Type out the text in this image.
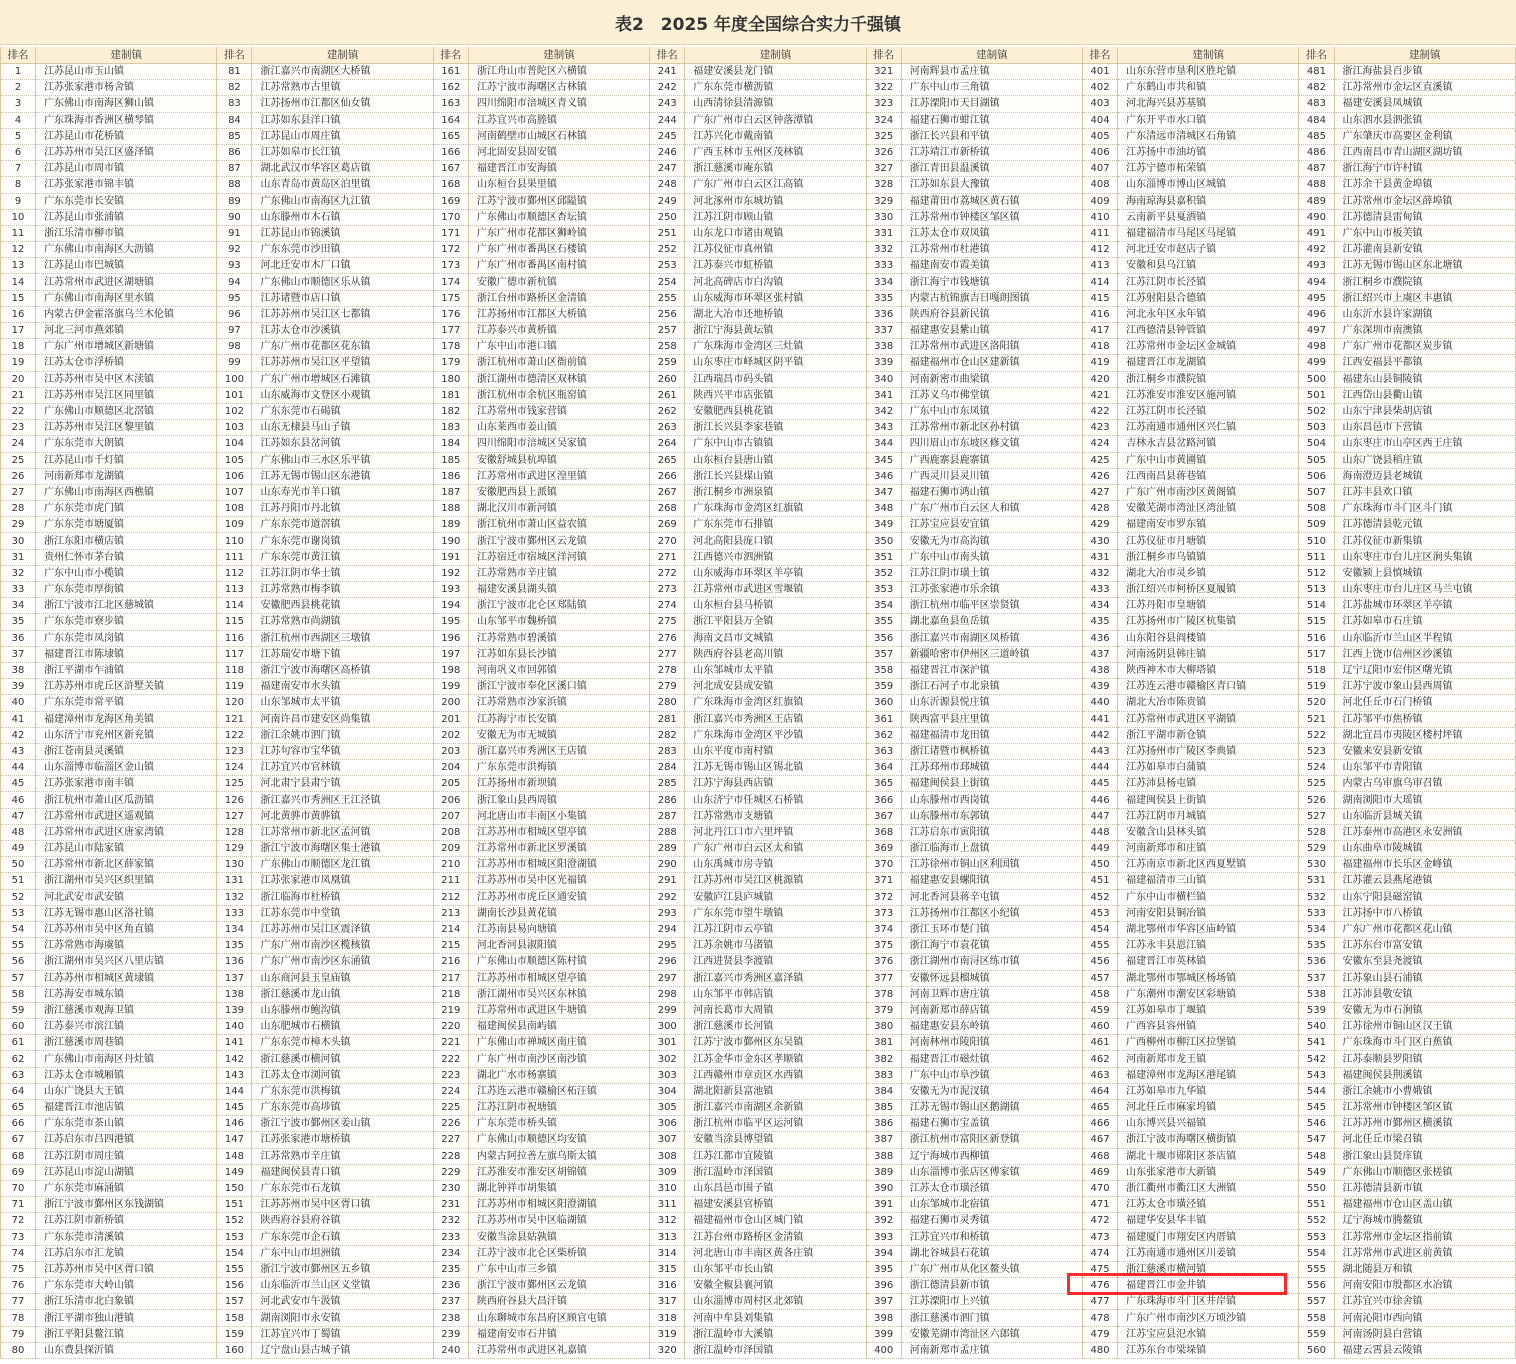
表2　2025 年度全国综合实力千强镇
排名	建制镇	排名	建制镇	排名	建制镇	排名	建制镇	排名	建制镇	排名	建制镇	排名	建制镇
1	江苏昆山市玉山镇	81	浙江嘉兴市南湖区大桥镇	161	浙江舟山市普陀区六横镇	241	福建安溪县龙门镇	321	河南辉县市孟庄镇	401	山东东营市垦利区胜坨镇	481	浙江海盐县百步镇
2	江苏张家港市杨舍镇	82	江苏常熟市古里镇	162	江苏宁波市海曙区古林镇	242	广东东莞市横沥镇	322	广东中山市三角镇	402	广东鹤山市共和镇	482	江苏常州市金坛区直溪镇
3	广东佛山市南海区狮山镇	83	江苏扬州市江都区仙女镇	163	四川绵阳市涪城区青义镇	243	山西清徐县清源镇	323	江苏溧阳市天目湖镇	403	河北海兴县苏基镇	483	福建安溪县凤城镇
4	广东珠海市香洲区横琴镇	84	江苏如东县洋口镇	164	江苏宜兴市高塍镇	244	广东广州市白云区钟落潭镇	324	福建石狮市蚶江镇	404	广东开平市水口镇	484	山东泗水县泗张镇
5	江苏昆山市花桥镇	85	江苏昆山市周庄镇	165	河南鹤壁市山城区石林镇	245	江苏兴化市戴南镇	325	浙江长兴县和平镇	405	广东清远市清城区石角镇	485	广东肇庆市高要区金利镇
6	江苏苏州市吴江区盛泽镇	86	江苏如皋市长江镇	166	河北固安县固安镇	246	广西玉林市玉州区茂林镇	326	江苏靖江市新桥镇	406	江苏扬中市油坊镇	486	江西南昌市青山湖区湖坊镇
7	江苏昆山市周市镇	87	湖北武汉市华容区葛店镇	167	福建晋江市安海镇	247	浙江慈溪市庵东镇	327	浙江青田县温溪镇	407	江苏宁德市柘荣镇	487	浙江海宁市许村镇
8	江苏张家港市锦丰镇	88	山东青岛市黄岛区泊里镇	168	山东桓台县果里镇	248	广东广州市白云区江高镇	328	江苏如东县大豫镇	408	山东淄博市博山区城镇	488	江苏余干县黄金埠镇
9	广东东莞市长安镇	89	广东佛山市南海区九江镇	169	江苏宁波市鄞州区邱隘镇	249	河北涿州市东城坊镇	329	福建莆田市荔城区黄石镇	409	海南琼海县嘉积镇	489	江苏常州市金坛区薛埠镇
10	江苏昆山市张浦镇	90	山东滕州市木石镇	170	广东佛山市顺德区杏坛镇	250	江苏江阴市顾山镇	330	江苏常州市钟楼区邹区镇	410	云南新平县戛洒镇	490	江苏德清县雷甸镇
11	浙江乐清市柳市镇	91	江苏昆山市锦溪镇	171	广东广州市花都区狮岭镇	251	山东龙口市诸由观镇	331	江苏太仓市双凤镇	411	福建福清市马尾区马尾镇	491	广东中山市板芙镇
12	广东佛山市南海区大沥镇	92	广东东莞市沙田镇	172	广东广州市番禺区石楼镇	252	江苏仪征市真州镇	332	江苏常州市杜港镇	412	河北迁安市赵店子镇	492	江苏灌南县新安镇
13	江苏昆山市巴城镇	93	河北迁安市木厂口镇	173	广东广州市番禺区南村镇	253	江苏泰兴市虹桥镇	333	福建南安市霞美镇	413	安徽和县乌江镇	493	江苏无锡市锡山区东北塘镇
14	江苏常州市武进区湖塘镇	94	广东佛山市顺德区乐从镇	174	安徽广德市新杭镇	254	河北高碑店市白沟镇	334	浙江海宁市钱塘镇	414	江苏江阴市长泾镇	494	浙江桐乡市濮院镇
15	广东佛山市南海区里水镇	95	江苏诸暨市店口镇	175	浙江台州市路桥区金清镇	255	山东威海市环翠区张村镇	335	内蒙古杭锦旗吉日嘎朗图镇	415	江苏射阳县合德镇	495	浙江绍兴市上虞区丰惠镇
16	内蒙古伊金霍洛旗乌兰木伦镇	96	江苏苏州市吴江区七都镇	176	江苏扬州市江都区大桥镇	256	湖北大冶市还地桥镇	336	陕西府谷县新民镇	416	河北永年区永年镇	496	山东沂水县许家湖镇
17	河北三河市燕郊镇	97	江苏太仓市沙溪镇	177	江苏泰兴市黄桥镇	257	浙江宁海县黄坛镇	337	福建惠安县紫山镇	417	江西德清县钟管镇	497	广东深圳市南澳镇
18	广东广州市增城区新塘镇	98	广东广州市花都区花东镇	178	广东中山市港口镇	258	广东珠海市金湾区三灶镇	338	江苏常州市武进区洛阳镇	418	江苏常州市金坛区金城镇	498	广东广州市花都区炭步镇
19	江苏太仓市浮桥镇	99	江苏苏州市吴江区平望镇	179	浙江杭州市萧山区衙前镇	259	山东枣庄市峄城区阴平镇	339	福建福州市仓山区建新镇	419	福建晋江市龙湖镇	499	江西安福县平都镇
20	江苏苏州市吴中区木渎镇	100	广东广州市增城区石滩镇	180	浙江湖州市德清区双林镇	260	江西瑞昌市码头镇	340	河南新密市曲梁镇	420	浙江桐乡市濮院镇	500	福建东山县铜陵镇
21	江苏苏州市吴江区同里镇	101	山东威海市文登区小观镇	181	浙江杭州市余杭区瓶窑镇	261	陕西兴平市店张镇	341	江苏义乌市佛堂镇	421	江苏淮安市淮安区施河镇	501	江西岱山县衢山镇
22	广东佛山市顺德区北滘镇	102	广东东莞市石碣镇	182	江苏常州市钱家营镇	262	安徽肥西县桃花镇	342	广东中山市东凤镇	422	江苏江阴市长泾镇	502	山东宁津县柴胡店镇
23	江苏苏州市吴江区黎里镇	103	山东无棣县马山子镇	183	山东莱西市姜山镇	263	浙江长兴县李家巷镇	343	江苏常州市新北区孙村镇	423	江苏南通市通州区兴仁镇	503	山东昌邑市下营镇
24	广东东莞市大朗镇	104	江苏如东县岔河镇	184	四川绵阳市涪城区吴家镇	264	广东中山市古镇镇	344	四川眉山市东坡区修文镇	424	吉林永吉县岔路河镇	504	山东枣庄市山亭区西王庄镇
25	江苏昆山市千灯镇	105	广东佛山市三水区乐平镇	185	安徽舒城县杭埠镇	265	山东桓台县唐山镇	345	广西鹿寨县鹿寨镇	425	广东中山市黄圃镇	505	山东广饶县稻庄镇
26	河南新郑市龙湖镇	106	江苏无锡市锡山区东港镇	186	江苏常州市武进区湟里镇	266	浙江长兴县煤山镇	346	广西灵川县灵川镇	426	江西南昌县蒋巷镇	506	海南澄迈县老城镇
27	广东佛山市南海区西樵镇	107	山东寿光市羊口镇	187	安徽肥西县上派镇	267	浙江桐乡市洲泉镇	347	福建石狮市鸿山镇	427	广东广州市南沙区黄阁镇	507	江苏丰县欢口镇
28	广东东莞市虎门镇	108	江苏丹阳市丹北镇	188	湖北汉川市新河镇	268	广东珠海市金湾区红旗镇	348	广东广州市白云区人和镇	428	安徽芜湖市湾沚区湾沚镇	508	广东珠海市斗门区斗门镇
29	广东东莞市塘厦镇	109	广东东莞市道滘镇	189	浙江杭州市萧山区益农镇	269	广东东莞市石排镇	349	江苏宝应县安宜镇	429	福建南安市罗东镇	509	江苏德清县乾元镇
30	浙江东阳市横店镇	110	广东东莞市谢岗镇	190	浙江宁波市鄞州区云龙镇	270	河北高阳县庞口镇	350	安徽无为市高沟镇	430	江苏仪征市月塘镇	510	江苏仪征市新集镇
31	贵州仁怀市茅台镇	111	广东东莞市黄江镇	191	江苏宿迁市宿城区洋河镇	271	江西德兴市泗洲镇	351	广东中山市南头镇	431	浙江桐乡市乌镇镇	511	山东枣庄市台儿庄区涧头集镇
32	广东中山市小榄镇	112	江苏江阴市华士镇	192	江苏常熟市辛庄镇	272	山东威海市环翠区羊亭镇	352	江苏江阴市璜土镇	432	湖北大冶市灵乡镇	512	安徽颍上县慎城镇
33	广东东莞市厚街镇	113	江苏常熟市梅李镇	193	福建安溪县湖头镇	273	江苏常州市武进区雪堰镇	353	江苏张家港市乐余镇	433	浙江绍兴市柯桥区夏履镇	513	山东枣庄市台儿庄区马兰屯镇
34	浙江宁波市江北区慈城镇	114	安徽肥西县桃花镇	194	浙江宁波市北仑区郑陆镇	274	山东桓台县马桥镇	354	浙江杭州市临平区崇贤镇	434	江苏丹阳市皇塘镇	514	江苏盐城市环翠区羊亭镇
35	广东东莞市寮步镇	115	江苏常熟市尚湖镇	195	山东邹平市魏桥镇	275	浙江平阳县万全镇	355	湖北嘉鱼县鱼岳镇	435	江苏扬州市广陵区杭集镇	515	江苏如皋市石庄镇
36	广东东莞市凤岗镇	116	浙江杭州市西湖区三墩镇	196	江苏常熟市碧溪镇	276	海南文昌市文城镇	356	浙江嘉兴市南湖区凤桥镇	436	山东阳谷县阎楼镇	516	山东临沂市兰山区半程镇
37	福建晋江市陈埭镇	117	江苏瑞安市塘下镇	197	江苏如东县长沙镇	277	陕西府谷县老高川镇	357	新疆哈密市伊州区三道岭镇	437	河南汤阴县韩庄镇	517	江西上饶市信州区沙溪镇
38	浙江平湖市乍浦镇	118	浙江宁波市海曙区高桥镇	198	河南巩义市回郭镇	278	山东邹城市太平镇	358	福建晋江市深沪镇	438	陕西神木市大柳塔镇	518	辽宁辽阳市宏伟区曙光镇
39	江苏苏州市虎丘区浒墅关镇	119	福建南安市水头镇	199	浙江宁波市奉化区溪口镇	279	河北成安县成安镇	359	浙江石河子市北泉镇	439	江苏连云港市赣榆区青口镇	519	江苏宁波市象山县西周镇
40	广东东莞市常平镇	120	山东邹城市太平镇	200	江苏常熟市沙家浜镇	280	广东珠海市金湾区红旗镇	360	山东沂源县悦庄镇	440	湖北大冶市陈贵镇	520	河北任丘市石门桥镇
41	福建漳州市龙海区角美镇	121	河南许昌市建安区尚集镇	201	江苏海宁市长安镇	281	浙江嘉兴市秀洲区王店镇	361	陕西富平县庄里镇	441	江苏常州市武进区平湖镇	521	江苏邹平市焦桥镇
42	山东济宁市兖州区新兖镇	122	浙江余姚市泗门镇	202	安徽无为市无城镇	282	广东珠海市金湾区平沙镇	362	福建福清市龙田镇	442	浙江平湖市新仓镇	522	湖北宜昌市夷陵区楼村坪镇
43	浙江苍南县灵溪镇	123	江苏句容市宝华镇	203	浙江嘉兴市秀洲区王店镇	283	山东平度市南村镇	363	浙江诸暨市枫桥镇	443	江苏扬州市广陵区李典镇	523	安徽来安县新安镇
44	山东淄博市临淄区金山镇	124	江苏宜兴市官林镇	204	广东东莞市洪梅镇	284	江苏无锡市锡山区锡北镇	364	江苏邳州市邳城镇	444	江苏如皋市白蒲镇	524	山东邹平市青阳镇
45	江苏张家港市南丰镇	125	河北肃宁县肃宁镇	205	江苏扬州市新坝镇	285	江苏宁海县西店镇	365	福建闽侯县上街镇	445	江苏沛县杨屯镇	525	内蒙古乌审旗乌审召镇
46	浙江杭州市萧山区瓜沥镇	126	浙江嘉兴市秀洲区王江泾镇	206	浙江象山县西周镇	286	山东济宁市任城区石桥镇	366	山东滕州市西岗镇	446	福建闽侯县上街镇	526	湖南浏阳市大瑶镇
47	江苏常州市武进区遥观镇	127	河北黄骅市黄骅镇	207	河北唐山市丰南区小集镇	287	江苏常熟市支塘镇	367	山东滕州市东郭镇	447	江苏江阴市月城镇	527	山东临沂县城关镇
48	江苏常州市武进区唐家湾镇	128	江苏常州市新北区孟河镇	208	江苏苏州市相城区望亭镇	288	河北丹江口市六里坪镇	368	江苏启东市寅阳镇	448	安徽含山县林头镇	528	江苏泰州市高港区永安洲镇
49	江苏昆山市陆家镇	129	浙江宁波市海曙区集士港镇	209	江苏常州市新北区罗溪镇	289	广东广州市白云区太和镇	369	浙江临海市上盘镇	449	河南新郑市和庄镇	529	山东曲阜市陵城镇
50	江苏常州市新北区薛家镇	130	广东佛山市顺德区龙江镇	210	江苏苏州市相城区阳澄湖镇	290	山东禹城市房寺镇	370	江苏徐州市铜山区利国镇	450	江苏南京市新北区西夏墅镇	530	福建福州市长乐区金峰镇
51	浙江湖州市吴兴区织里镇	131	江苏张家港市凤凰镇	211	江苏苏州市吴中区光福镇	291	江苏苏州市吴江区桃源镇	371	福建惠安县螺阳镇	451	福建福清市三山镇	531	江苏灌云县燕尾港镇
52	河北武安市武安镇	132	浙江临海市杜桥镇	212	江苏苏州市虎丘区通安镇	292	安徽庐江县庐城镇	372	河北香河县蒋辛屯镇	452	广东中山市横栏镇	532	山东宁阳县磁窑镇
53	江苏无锡市惠山区洛社镇	133	江苏东莞市中堂镇	213	湖南长沙县黄花镇	293	广东东莞市望牛墩镇	373	江苏扬州市江都区小纪镇	453	河南安阳县铜冶镇	533	江苏扬中市八桥镇
54	江苏苏州市吴中区角直镇	134	江苏苏州市吴江区震泽镇	214	江苏南县易向塘镇	294	江苏江阴市云亭镇	374	浙江玉环市楚门镇	454	湖北鄂州市华容区庙岭镇	534	广东广州市花都区花山镇
55	江苏常熟市海虞镇	135	广东广州市南沙区榄核镇	215	河北香河县淑阳镇	295	江苏余姚市马渚镇	375	浙江海宁市袁花镇	455	江苏永丰县恩江镇	535	江苏东台市富安镇
56	浙江湖州市吴兴区八里店镇	136	广东广州市南沙区东涌镇	216	广东佛山市顺德区陈村镇	296	江西进贤县李渡镇	376	浙江湖州市南浔区练市镇	456	福建晋江市英林镇	536	安徽东至县尧渡镇
57	江苏苏州市相城区黄埭镇	137	山东商河县玉皇庙镇	217	江苏苏州市相城区望亭镇	297	浙江嘉兴市秀洲区嘉泽镇	377	安徽怀远县榴城镇	457	湖北鄂州市鄂城区杨场镇	537	江苏象山县石浦镇
58	江苏海安市城东镇	138	浙江慈溪市龙山镇	218	浙江湖州市吴兴区东林镇	298	山东邹平市韩店镇	378	河南卫辉市唐庄镇	458	广东潮州市潮安区彩塘镇	538	江苏沛县敬安镇
59	浙江慈溪市观海卫镇	139	山东滕州市鲍沟镇	219	江苏常州市武进区牛塘镇	299	河南长葛市大周镇	379	河南新郑市薛店镇	459	江苏如皋市丁堰镇	539	安徽无为市石涧镇
60	江苏泰兴市滨江镇	140	山东肥城市石横镇	220	福建闽侯县南屿镇	300	浙江慈溪市长河镇	380	福建惠安县东岭镇	460	广西容县容州镇	540	江苏徐州市铜山区汉王镇
61	浙江慈溪市周巷镇	141	广东东莞市樟木头镇	221	广东佛山市禅城区南庄镇	301	江苏宁波市鄞州区东吴镇	381	河南林州市陵阳镇	461	广西柳州市柳江区拉堡镇	541	广东珠海市斗门区白蕉镇
62	广东佛山市南海区丹灶镇	142	浙江慈溪市横河镇	222	广东广州市南沙区南沙镇	302	江苏金华市金东区孝顺镇	382	福建晋江市磁灶镇	462	河南新郑市龙王镇	542	江苏泰顺县罗阳镇
63	江苏太仓市城厢镇	143	江苏太仓市浏河镇	223	湖北广水市杨寨镇	303	江西赣州市章贡区水西镇	383	广东中山市阜沙镇	463	福建漳州市龙海区港尾镇	543	福建闽侯县荆溪镇
64	山东广饶县大王镇	144	广东东莞市洪梅镇	224	江苏连云港市赣榆区柘汪镇	304	湖北阳新县富池镇	384	安徽无为市泥汊镇	464	江苏如皋市九华镇	544	浙江余姚市小曹娥镇
65	福建晋江市池店镇	145	广东东莞市高埗镇	225	江苏江阴市祝塘镇	305	浙江嘉兴市南湖区余新镇	385	江苏无锡市锡山区鹅湖镇	465	河北任丘市麻家坞镇	545	江苏常州市钟楼区邹区镇
66	广东东莞市茶山镇	146	浙江宁波市鄞州区姜山镇	226	广东东莞市桥头镇	306	浙江杭州市临平区运河镇	386	福建石狮市宝盖镇	466	山东博兴县兴福镇	546	江苏苏州市鄞州区横溪镇
67	江苏启东市吕四港镇	147	江苏张家港市塘桥镇	227	广东佛山市顺德区均安镇	307	安徽当涂县博望镇	387	浙江杭州市富阳区新登镇	467	浙江宁波市海曙区横街镇	547	河北任丘市梁召镇
68	江苏江阴市周庄镇	148	江苏常熟市辛庄镇	228	内蒙古阿拉善左旗乌斯太镇	308	江苏江都市宜陵镇	388	辽宁海城市西柳镇	468	湖北十堰市郧阳区茶店镇	548	浙江象山县贤庠镇
69	江苏昆山市淀山湖镇	149	福建闽侯县青口镇	229	江苏淮安市淮安区胡锦镇	309	浙江温岭市泽国镇	389	山东淄博市张店区傅家镇	469	山东张家港市大新镇	549	广东佛山市顺德区张槎镇
70	广东东莞市麻涌镇	150	广东东莞市石龙镇	230	湖北钟祥市胡集镇	310	山东昌邑市围子镇	390	江苏太仓市璜泾镇	470	浙江衢州市衢江区大洲镇	550	江苏德清县新市镇
71	浙江宁波市鄞州区东钱湖镇	151	江苏苏州市吴中区胥口镇	231	江苏苏州市相城区阳澄湖镇	311	福建安溪县官桥镇	391	山东邹城市北宿镇	471	江苏太仓市璜泾镇	551	福建福州市仓山区盖山镇
72	江苏江阴市新桥镇	152	陕西府谷县府谷镇	232	江苏苏州市吴中区临湖镇	312	福建福州市仓山区城门镇	392	福建石狮市灵秀镇	472	福建华安县华丰镇	552	辽宁海城市腾鳌镇
73	广东东莞市清溪镇	153	广东东莞市企石镇	233	安徽当涂县姑孰镇	313	江苏台州市路桥区金清镇	393	江苏宜兴市和桥镇	473	福建厦门市翔安区内厝镇	553	江苏常州市金坛区指前镇
74	江苏启东市汇龙镇	154	广东中山市坦洲镇	234	江苏宁波市北仑区柴桥镇	314	河北唐山市丰南区黄各庄镇	394	湖北谷城县石花镇	474	江苏南通市通州区川姜镇	554	江苏常州市武进区前黄镇
75	江苏苏州市吴中区胥口镇	155	浙江宁波市鄞州区五乡镇	235	广东中山市三乡镇	315	山东邹平市长山镇	395	广东广州市从化区鳌头镇	475	浙江慈溪市横河镇	555	湖北随县万和镇
76	广东东莞市大岭山镇	156	山东临沂市兰山区义堂镇	236	浙江宁波市鄞州区云龙镇	316	安徽全椒县襄河镇	396	浙江德清县新市镇	476	福建晋江市金井镇	556	河南安阳市殷都区水冶镇
77	浙江乐清市北白象镇	157	河北武安市午汲镇	237	陕西府谷县大昌汗镇	317	山东淄博市周村区北郊镇	397	江苏溧阳市上兴镇	477	广东珠海市斗门区井岸镇	557	江苏宜兴市徐舍镇
78	浙江平湖市独山港镇	158	湖南浏阳市永安镇	238	山东聊城市东昌府区顾官屯镇	318	河南中牟县刘集镇	398	浙江慈溪市泗门镇	478	广东广州市南沙区万顷沙镇	558	河南沁阳市西向镇
79	浙江平阳县鳌江镇	159	江苏宜兴市丁蜀镇	239	福建南安市石井镇	319	浙江温岭市大溪镇	399	安徽芜湖市湾沚区六郎镇	479	江苏宝应县氾水镇	559	河南汤阴县白营镇
80	山东费县探沂镇	160	辽宁盘山县古城子镇	240	江苏常州市武进区礼嘉镇	320	浙江温岭市泽国镇	400	河南新郑市孟庄镇	480	江苏东台市梁垛镇	560	福建云霄县云陵镇
